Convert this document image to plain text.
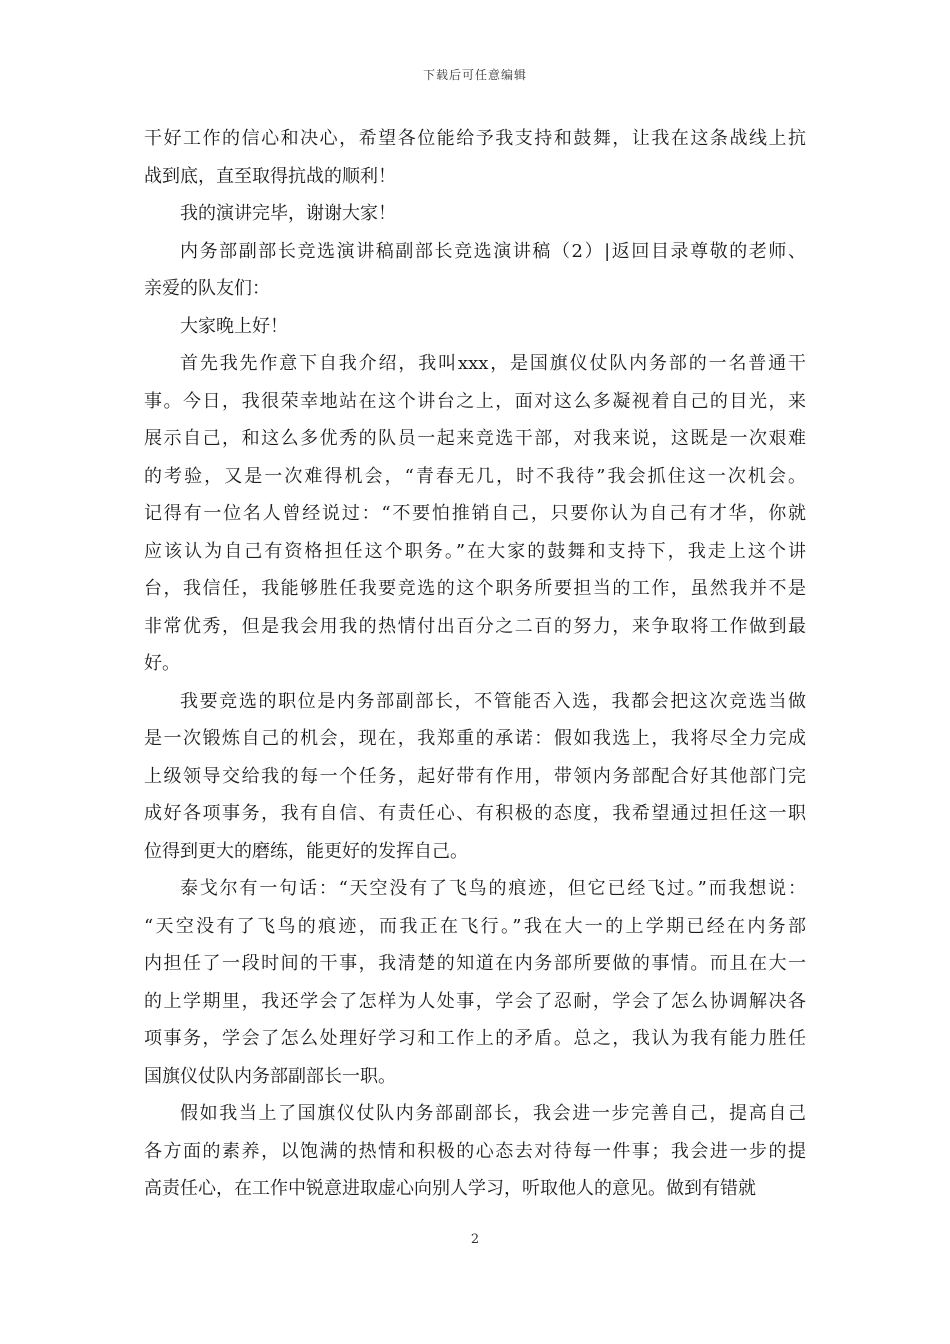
下载后可任意编辑
干好工作的信心和决心，希望各位能给予我支持和鼓舞，让我在这条战线上抗
战到底，直至取得抗战的顺利！
我的演讲完毕，谢谢大家！
内务部副部长竞选演讲稿副部长竞选演讲稿（2）|返回目录尊敬的老师、
亲爱的队友们：
大家晚上好！
首先我先作意下自我介绍，我叫xxx，是国旗仪仗队内务部的一名普通干
事。今日，我很荣幸地站在这个讲台之上，面对这么多凝视着自己的目光，来
展示自己，和这么多优秀的队员一起来竞选干部，对我来说，这既是一次艰难
的考验，又是一次难得机会，“青春无几，时不我待”我会抓住这一次机会。
记得有一位名人曾经说过：“不要怕推销自己，只要你认为自己有才华，你就
应该认为自己有资格担任这个职务。”在大家的鼓舞和支持下，我走上这个讲
台，我信任，我能够胜任我要竞选的这个职务所要担当的工作，虽然我并不是
非常优秀，但是我会用我的热情付出百分之二百的努力，来争取将工作做到最
好。
我要竞选的职位是内务部副部长，不管能否入选，我都会把这次竞选当做
是一次锻炼自己的机会，现在，我郑重的承诺：假如我选上，我将尽全力完成
上级领导交给我的每一个任务，起好带有作用，带领内务部配合好其他部门完
成好各项事务，我有自信、有责任心、有积极的态度，我希望通过担任这一职
位得到更大的磨练，能更好的发挥自己。
泰戈尔有一句话：“天空没有了飞鸟的痕迹，但它已经飞过。”而我想说：
“天空没有了飞鸟的痕迹，而我正在飞行。”我在大一的上学期已经在内务部
内担任了一段时间的干事，我清楚的知道在内务部所要做的事情。而且在大一
的上学期里，我还学会了怎样为人处事，学会了忍耐，学会了怎么协调解决各
项事务，学会了怎么处理好学习和工作上的矛盾。总之，我认为我有能力胜任
国旗仪仗队内务部副部长一职。
假如我当上了国旗仪仗队内务部副部长，我会进一步完善自己，提高自己
各方面的素养，以饱满的热情和积极的心态去对待每一件事；我会进一步的提
高责任心，在工作中锐意进取虚心向别人学习，听取他人的意见。做到有错就
2
